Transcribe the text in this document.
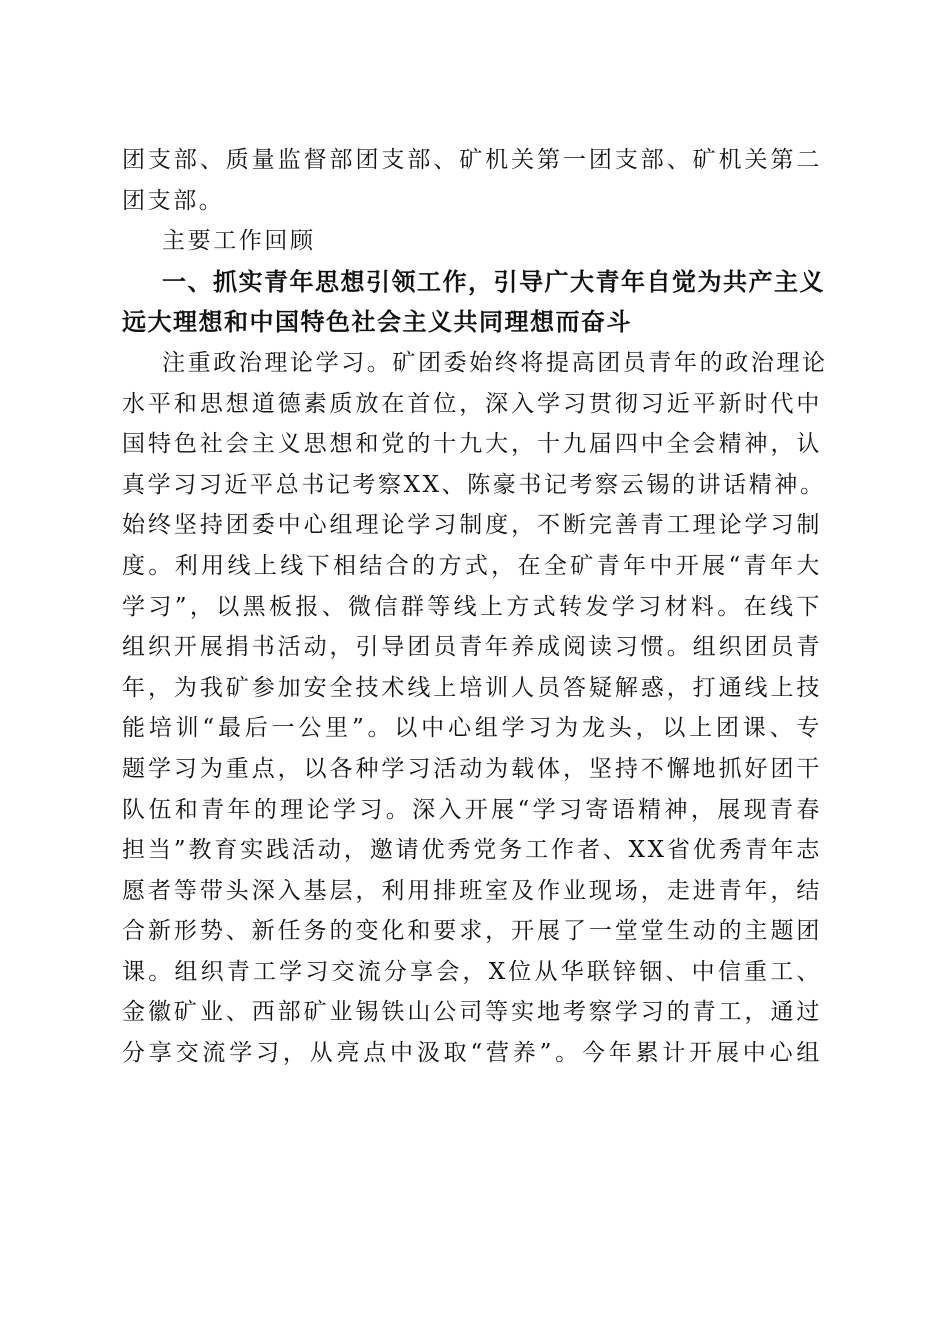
团支部、质量监督部团支部、矿机关第一团支部、矿机关第二
团支部。
主要工作回顾
一、抓实青年思想引领工作，引导广大青年自觉为共产主义
远大理想和中国特色社会主义共同理想而奋斗
注重政治理论学习。矿团委始终将提高团员青年的政治理论
水平和思想道德素质放在首位，深入学习贯彻习近平新时代中
国特色社会主义思想和党的十九大，十九届四中全会精神，认
真学习习近平总书记考察XX、陈豪书记考察云锡的讲话精神。
始终坚持团委中心组理论学习制度，不断完善青工理论学习制
度。利用线上线下相结合的方式，在全矿青年中开展“青年大
学习”，以黑板报、微信群等线上方式转发学习材料。在线下
组织开展捐书活动，引导团员青年养成阅读习惯。组织团员青
年，为我矿参加安全技术线上培训人员答疑解惑，打通线上技
能培训“最后一公里”。以中心组学习为龙头，以上团课、专
题学习为重点，以各种学习活动为载体，坚持不懈地抓好团干
队伍和青年的理论学习。深入开展“学习寄语精神，展现青春
担当”教育实践活动，邀请优秀党务工作者、XX省优秀青年志
愿者等带头深入基层，利用排班室及作业现场，走进青年，结
合新形势、新任务的变化和要求，开展了一堂堂生动的主题团
课。组织青工学习交流分享会，X位从华联锌铟、中信重工、
金徽矿业、西部矿业锡铁山公司等实地考察学习的青工，通过
分享交流学习，从亮点中汲取“营养”。今年累计开展中心组
